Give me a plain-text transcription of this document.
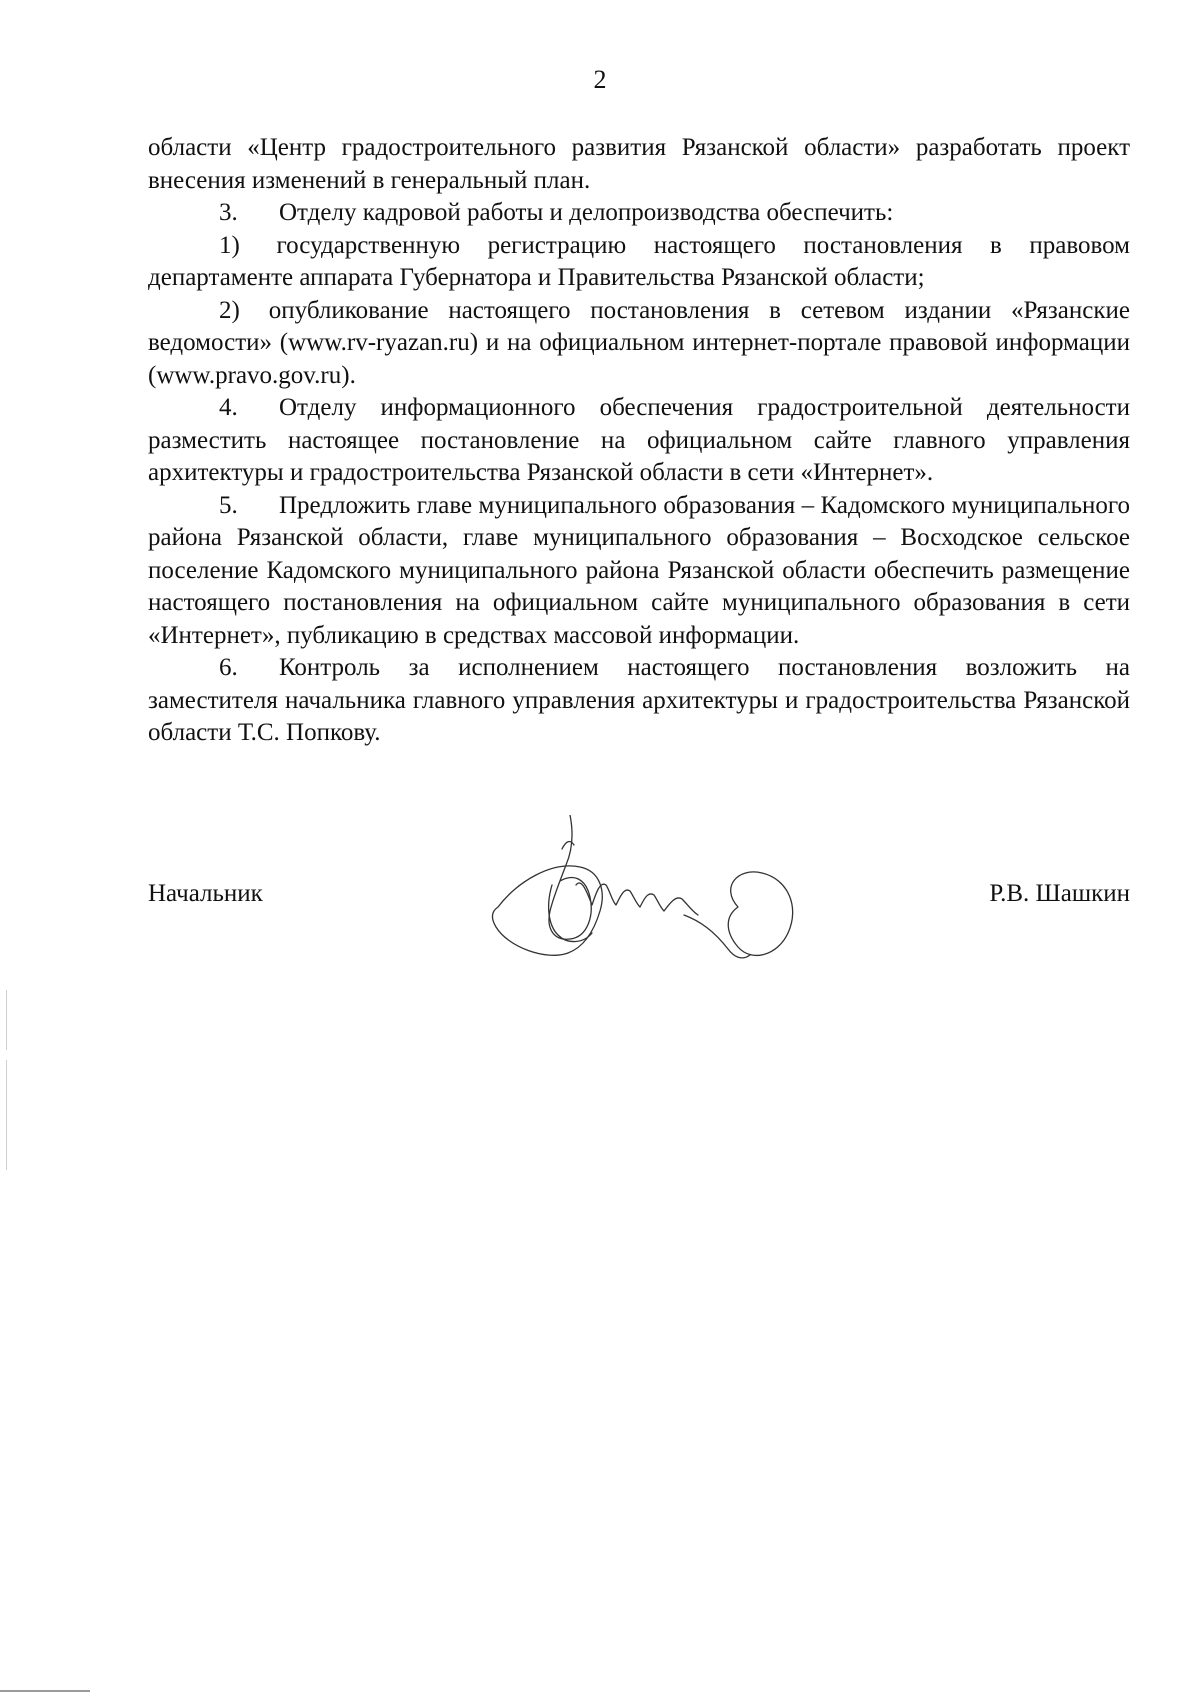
2

области «Центр градостроительного развития Рязанской области» разработать проект внесения изменений в генеральный план.

3. Отделу кадровой работы и делопроизводства обеспечить:

1) государственную регистрацию настоящего постановления в правовом департаменте аппарата Губернатора и Правительства Рязанской области;

2) опубликование настоящего постановления в сетевом издании «Рязанские ведомости» (www.rv-ryazan.ru) и на официальном интернет-портале правовой информации (www.pravo.gov.ru).

4. Отделу информационного обеспечения градостроительной деятельности разместить настоящее постановление на официальном сайте главного управления архитектуры и градостроительства Рязанской области в сети «Интернет».

5. Предложить главе муниципального образования – Кадомского муниципального района Рязанской области, главе муниципального образования – Восходское сельское поселение Кадомского муниципального района Рязанской области обеспечить размещение настоящего постановления на официальном сайте муниципального образования в сети «Интернет», публикацию в средствах массовой информации.

6. Контроль за исполнением настоящего постановления возложить на заместителя начальника главного управления архитектуры и градостроительства Рязанской области Т.С. Попкову.

Начальник	Р.В. Шашкин
